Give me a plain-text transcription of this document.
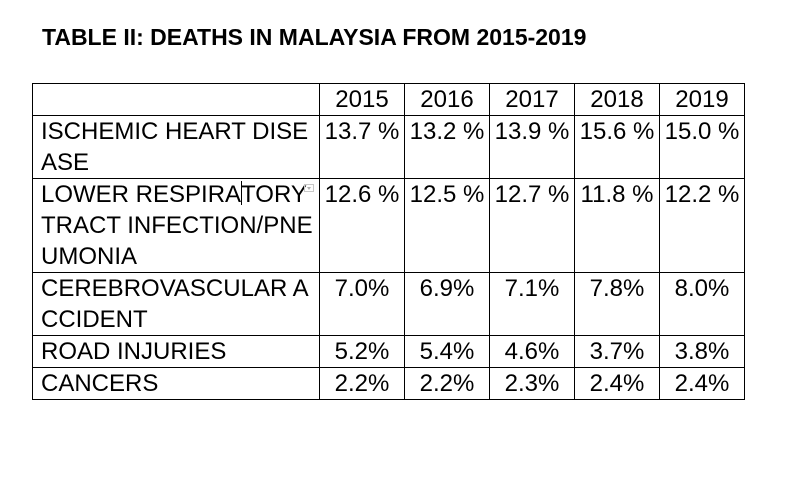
TABLE II: DEATHS IN MALAYSIA FROM 2015-2019
	2015	2016	2017	2018	2019
ISCHEMIC HEART DISEASE	13.7 %	13.2 %	13.9 %	15.6 %	15.0 %
LOWER RESPIRATORY TRACT INFECTION/PNEUMONIA	12.6 %	12.5 %	12.7 %	11.8 %	12.2 %
CEREBROVASCULAR ACCIDENT	7.0%	6.9%	7.1%	7.8%	8.0%
ROAD INJURIES	5.2%	5.4%	4.6%	3.7%	3.8%
CANCERS	2.2%	2.2%	2.3%	2.4%	2.4%
